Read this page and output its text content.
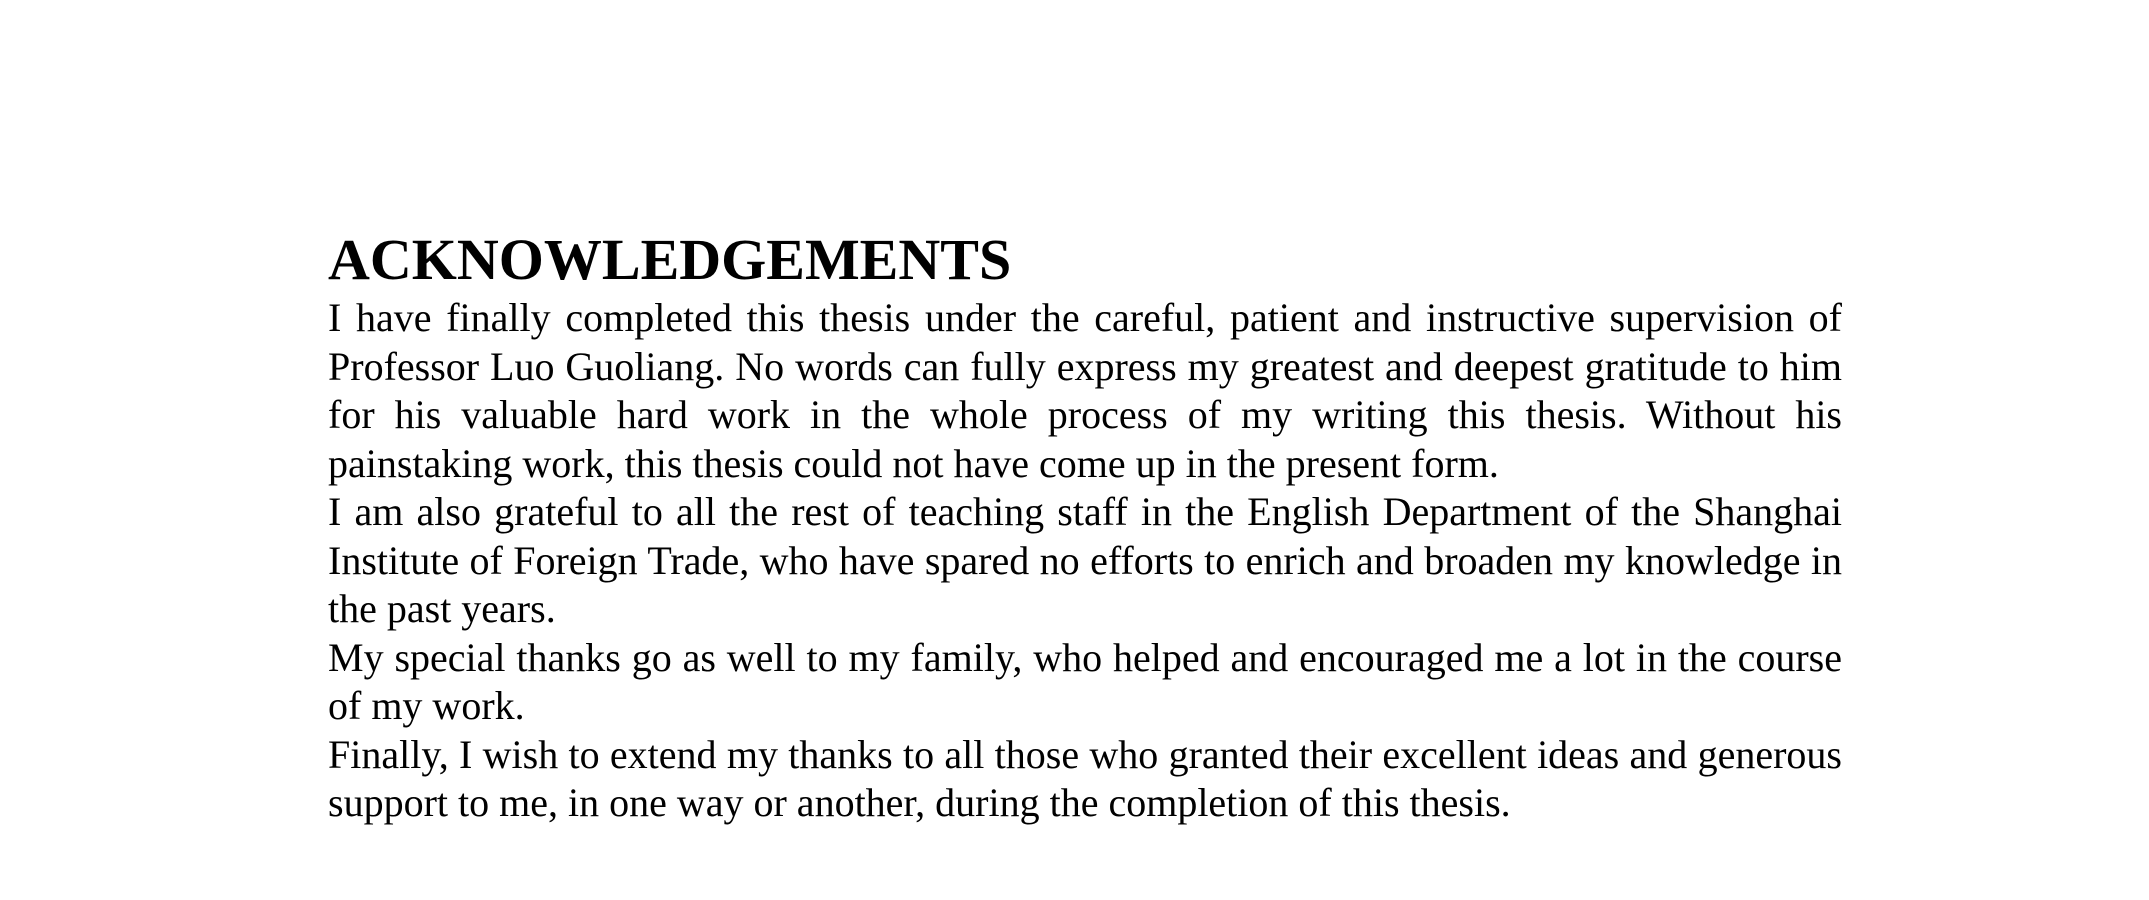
ACKNOWLEDGEMENTS

I have finally completed this thesis under the careful, patient and instructive supervision of Professor Luo Guoliang. No words can fully express my greatest and deepest gratitude to him for his valuable hard work in the whole process of my writing this thesis. Without his painstaking work, this thesis could not have come up in the present form.

I am also grateful to all the rest of teaching staff in the English Department of the Shanghai Institute of Foreign Trade, who have spared no efforts to enrich and broaden my knowledge in the past years.

My special thanks go as well to my family, who helped and encouraged me a lot in the course of my work.

Finally, I wish to extend my thanks to all those who granted their excellent ideas and generous support to me, in one way or another, during the completion of this thesis.
